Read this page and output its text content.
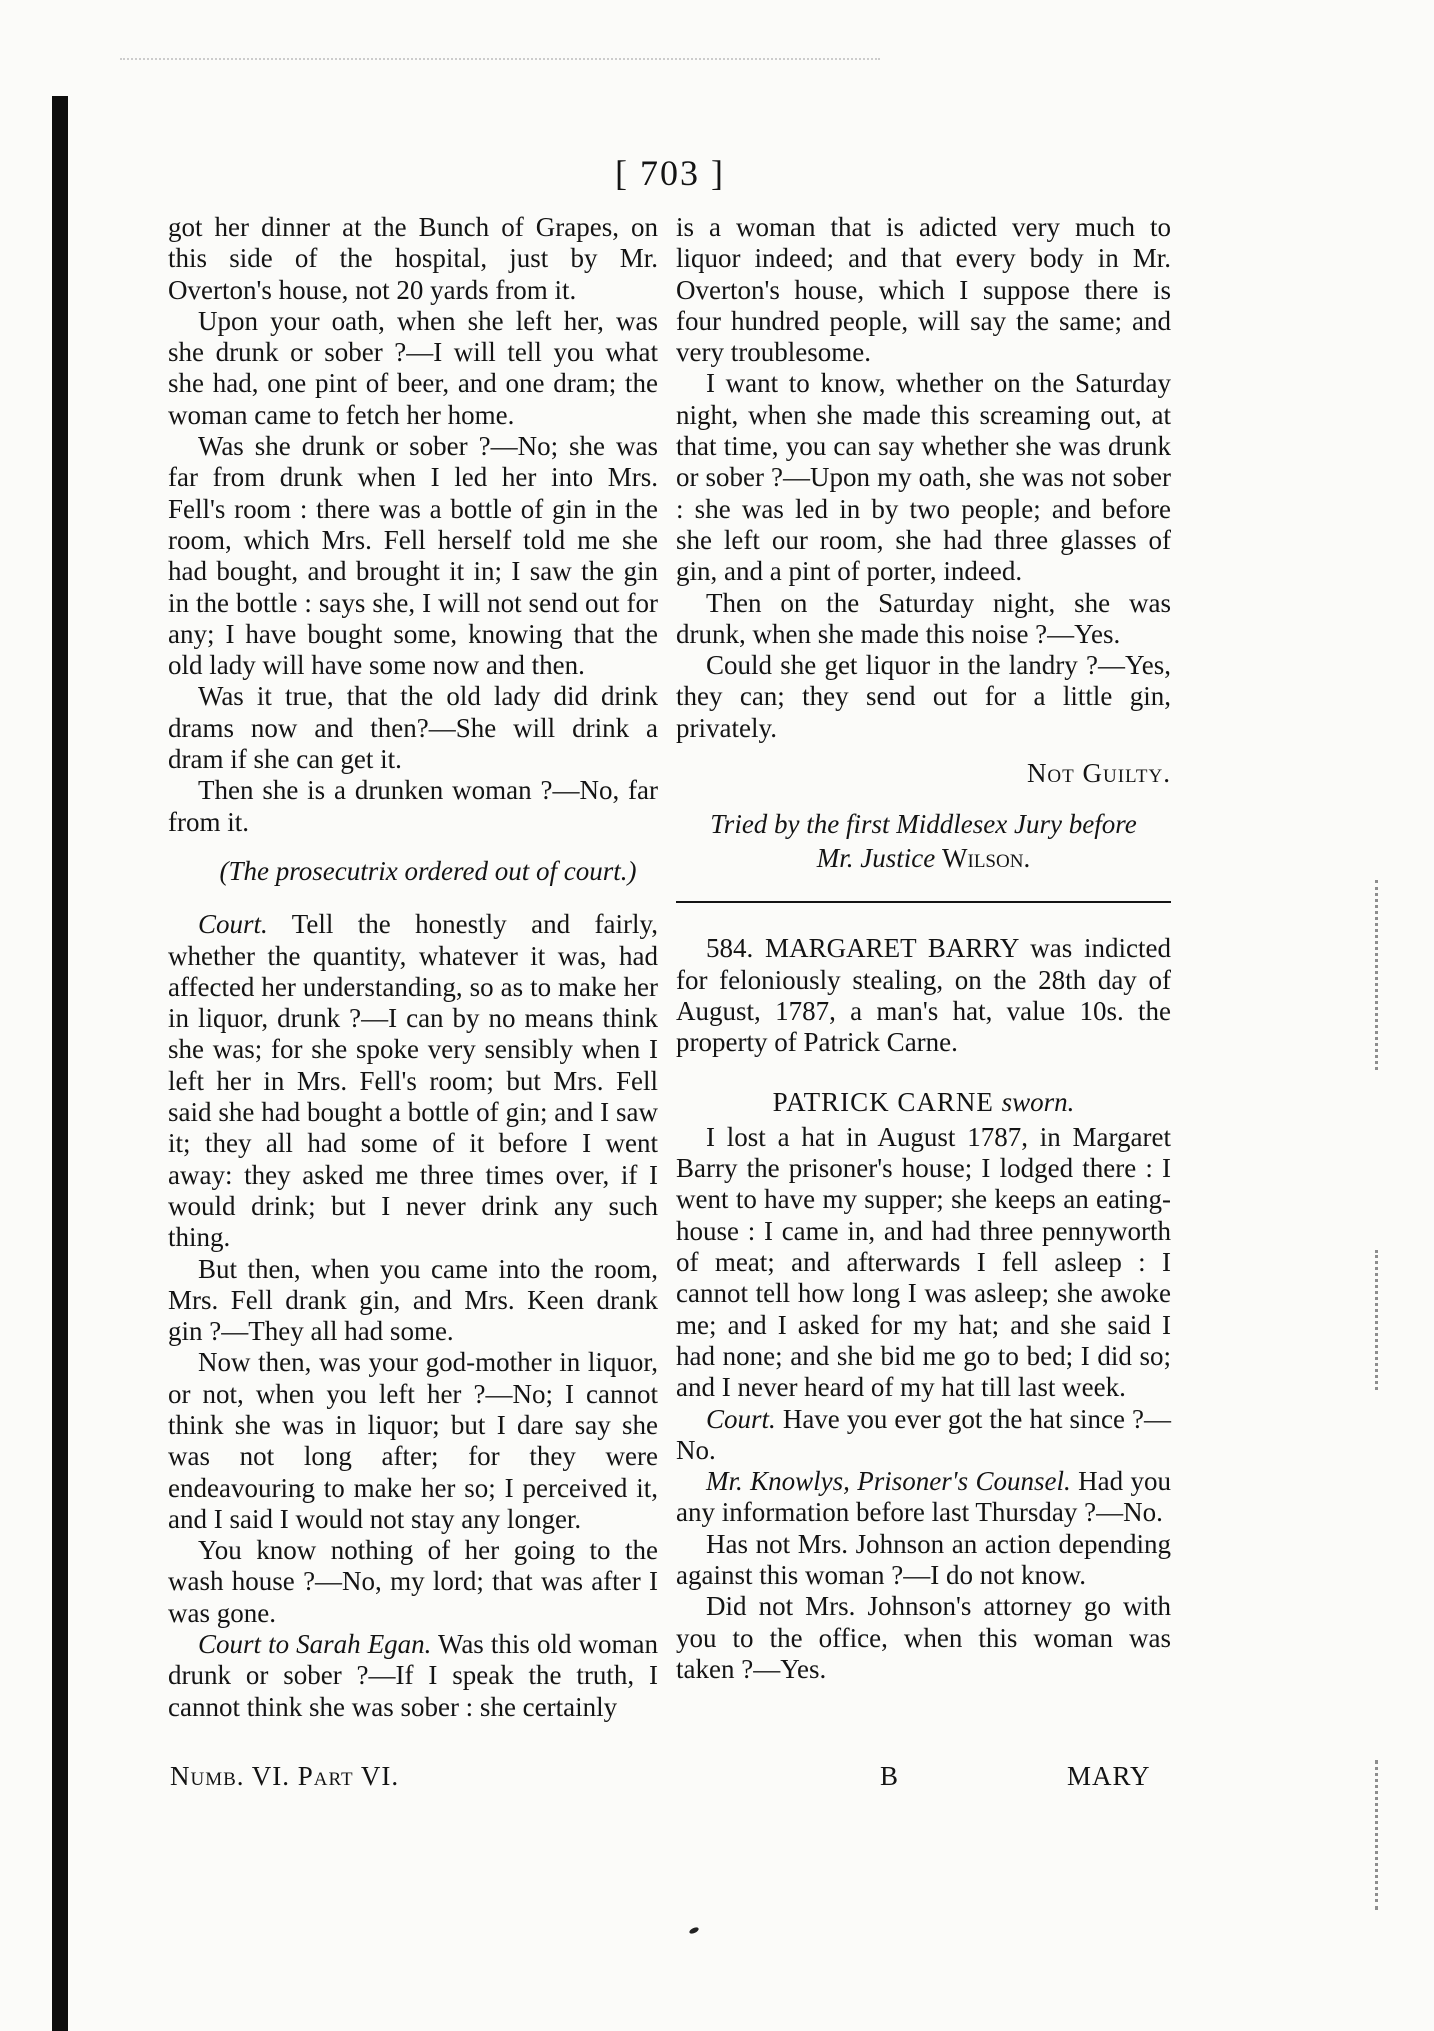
[ 703 ]

got her dinner at the Bunch of Grapes, on this side of the hospital, just by Mr. Overton's house, not 20 yards from it.

Upon your oath, when she left her, was she drunk or sober ?—I will tell you what she had, one pint of beer, and one dram; the woman came to fetch her home.

Was she drunk or sober ?—No; she was far from drunk when I led her into Mrs. Fell's room : there was a bottle of gin in the room, which Mrs. Fell herself told me she had bought, and brought it in; I saw the gin in the bottle : says she, I will not send out for any; I have bought some, knowing that the old lady will have some now and then.

Was it true, that the old lady did drink drams now and then?—She will drink a dram if she can get it.

Then she is a drunken woman ?—No, far from it.

(The prosecutrix ordered out of court.)

Court. Tell the honestly and fairly, whether the quantity, whatever it was, had affected her understanding, so as to make her in liquor, drunk ?—I can by no means think she was; for she spoke very sensibly when I left her in Mrs. Fell's room; but Mrs. Fell said she had bought a bottle of gin; and I saw it; they all had some of it before I went away: they asked me three times over, if I would drink; but I never drink any such thing.

But then, when you came into the room, Mrs. Fell drank gin, and Mrs. Keen drank gin ?—They all had some.

Now then, was your god-mother in liquor, or not, when you left her ?—No; I cannot think she was in liquor; but I dare say she was not long after; for they were endeavouring to make her so; I perceived it, and I said I would not stay any longer.

You know nothing of her going to the wash house ?—No, my lord; that was after I was gone.

Court to Sarah Egan. Was this old woman drunk or sober ?—If I speak the truth, I cannot think she was sober : she certainly

is a woman that is adicted very much to liquor indeed; and that every body in Mr. Overton's house, which I suppose there is four hundred people, will say the same; and very troublesome.

I want to know, whether on the Saturday night, when she made this screaming out, at that time, you can say whether she was drunk or sober ?—Upon my oath, she was not sober : she was led in by two people; and before she left our room, she had three glasses of gin, and a pint of porter, indeed.

Then on the Saturday night, she was drunk, when she made this noise ?—Yes.

Could she get liquor in the landry ?—Yes, they can; they send out for a little gin, privately.

Not Guilty.

Tried by the first Middlesex Jury before
Mr. Justice Wilson.

584. MARGARET BARRY was indicted for feloniously stealing, on the 28th day of August, 1787, a man's hat, value 10s. the property of Patrick Carne.

PATRICK CARNE sworn.

I lost a hat in August 1787, in Margaret Barry the prisoner's house; I lodged there : I went to have my supper; she keeps an eating-house : I came in, and had three pennyworth of meat; and afterwards I fell asleep : I cannot tell how long I was asleep; she awoke me; and I asked for my hat; and she said I had none; and she bid me go to bed; I did so; and I never heard of my hat till last week.

Court. Have you ever got the hat since ?—No.

Mr. Knowlys, Prisoner's Counsel. Had you any information before last Thursday ?—No.

Has not Mrs. Johnson an action depending against this woman ?—I do not know.

Did not Mrs. Johnson's attorney go with you to the office, when this woman was taken ?—Yes.

Numb. VI. Part VI.	B	MARY
